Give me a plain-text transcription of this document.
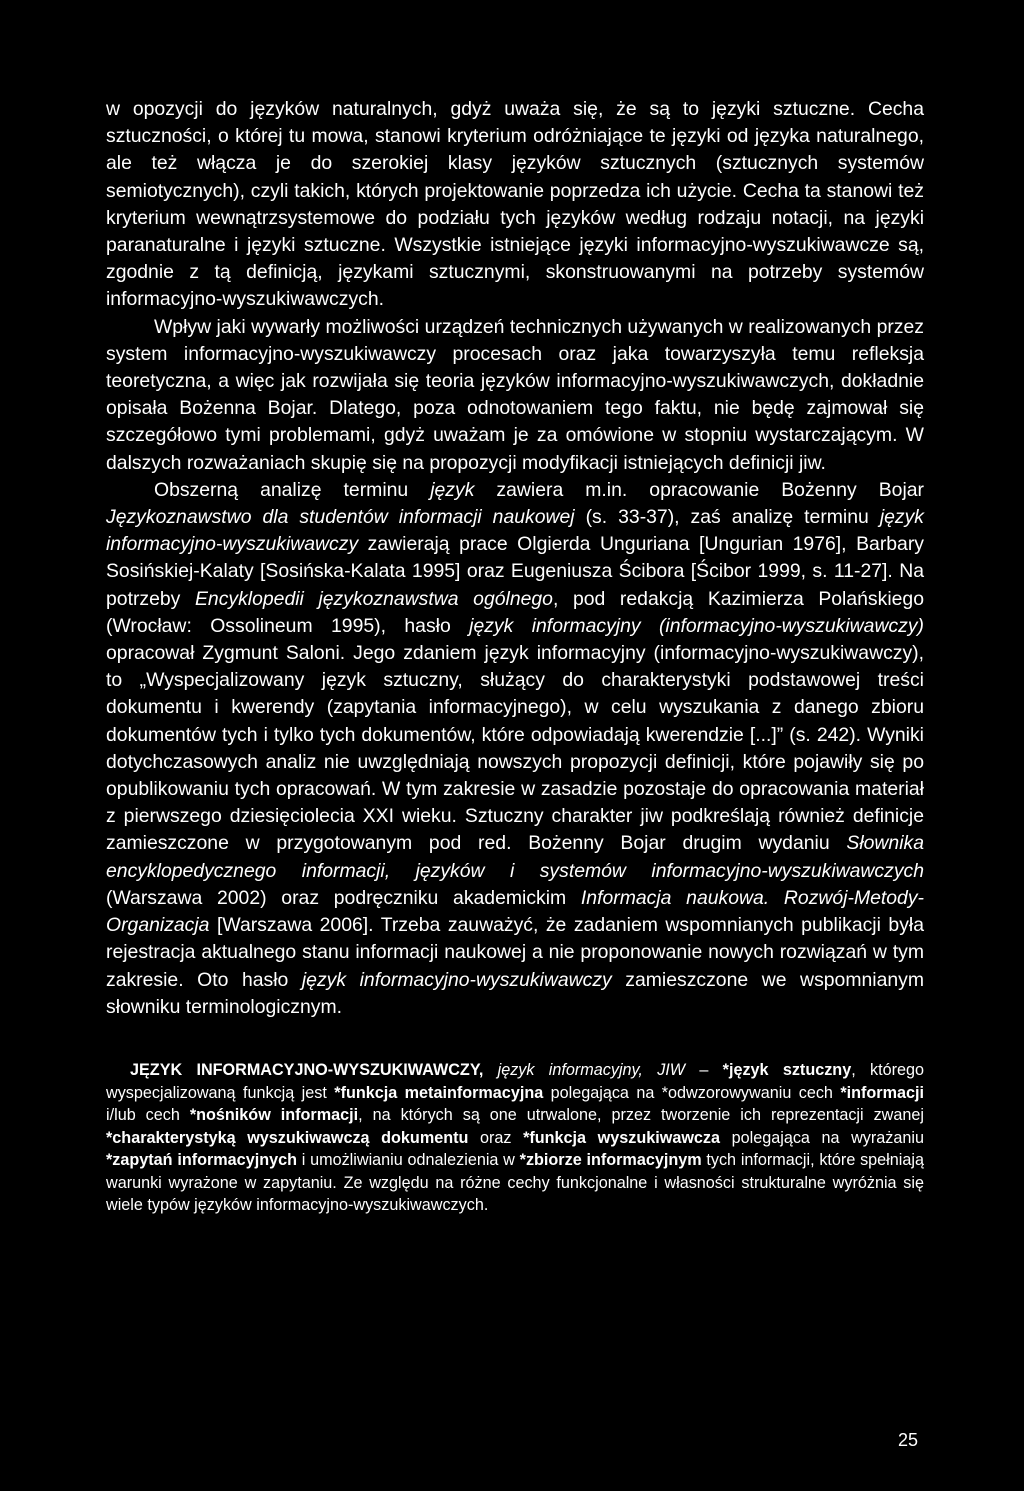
w opozycji do języków naturalnych, gdyż uważa się, że są to języki sztuczne. Cecha sztuczności, o której tu mowa, stanowi kryterium odróżniające te języki od języka naturalnego, ale też włącza je do szerokiej klasy języków sztucznych (sztucznych systemów semiotycznych), czyli takich, których projektowanie poprzedza ich użycie. Cecha ta stanowi też kryterium wewnątrzsystemowe do podziału tych języków według rodzaju notacji, na języki paranaturalne i języki sztuczne. Wszystkie istniejące języki informacyjno-wyszukiwawcze są, zgodnie z tą definicją, językami sztucznymi, skonstruowanymi na potrzeby systemów informacyjno-wyszukiwawczych.

Wpływ jaki wywarły możliwości urządzeń technicznych używanych w realizowanych przez system informacyjno-wyszukiwawczy procesach oraz jaka towarzyszyła temu refleksja teoretyczna, a więc jak rozwijała się teoria języków informacyjno-wyszukiwawczych, dokładnie opisała Bożenna Bojar. Dlatego, poza odnotowaniem tego faktu, nie będę zajmował się szczegółowo tymi problemami, gdyż uważam je za omówione w stopniu wystarczającym. W dalszych rozważaniach skupię się na propozycji modyfikacji istniejących definicji jiw.

Obszerną analizę terminu język zawiera m.in. opracowanie Bożenny Bojar Językoznawstwo dla studentów informacji naukowej (s. 33-37), zaś analizę terminu język informacyjno-wyszukiwawczy zawierają prace Olgierda Unguriana [Ungurian 1976], Barbary Sosińskiej-Kalaty [Sosińska-Kalata 1995] oraz Eugeniusza Ścibora [Ścibor 1999, s. 11-27]. Na potrzeby Encyklopedii językoznawstwa ogólnego, pod redakcją Kazimierza Polańskiego (Wrocław: Ossolineum 1995), hasło język informacyjny (informacyjno-wyszukiwawczy) opracował Zygmunt Saloni. Jego zdaniem język informacyjny (informacyjno-wyszukiwawczy), to „Wyspecjalizowany język sztuczny, służący do charakterystyki podstawowej treści dokumentu i kwerendy (zapytania informacyjnego), w celu wyszukania z danego zbioru dokumentów tych i tylko tych dokumentów, które odpowiadają kwerendzie [...]” (s. 242). Wyniki dotychczasowych analiz nie uwzględniają nowszych propozycji definicji, które pojawiły się po opublikowaniu tych opracowań. W tym zakresie w zasadzie pozostaje do opracowania materiał z pierwszego dziesięciolecia XXI wieku. Sztuczny charakter jiw podkreślają również definicje zamieszczone w przygotowanym pod red. Bożenny Bojar drugim wydaniu Słownika encyklopedycznego informacji, języków i systemów informacyjno-wyszukiwawczych (Warszawa 2002) oraz podręczniku akademickim Informacja naukowa. Rozwój-Metody-Organizacja [Warszawa 2006]. Trzeba zauważyć, że zadaniem wspomnianych publikacji była rejestracja aktualnego stanu informacji naukowej a nie proponowanie nowych rozwiązań w tym zakresie. Oto hasło język informacyjno-wyszukiwawczy zamieszczone we wspomnianym słowniku terminologicznym.

JĘZYK INFORMACYJNO-WYSZUKIWAWCZY, język informacyjny, JIW – *język sztuczny, którego wyspecjalizowaną funkcją jest *funkcja metainformacyjna polegająca na *odwzorowywaniu cech *informacji i/lub cech *nośników informacji, na których są one utrwalone, przez tworzenie ich reprezentacji zwanej *charakterystyką wyszukiwawczą dokumentu oraz *funkcja wyszukiwawcza polegająca na wyrażaniu *zapytań informacyjnych i umożliwianiu odnalezienia w *zbiorze informacyjnym tych informacji, które spełniają warunki wyrażone w zapytaniu. Ze względu na różne cechy funkcjonalne i własności strukturalne wyróżnia się wiele typów języków informacyjno-wyszukiwawczych.

25
